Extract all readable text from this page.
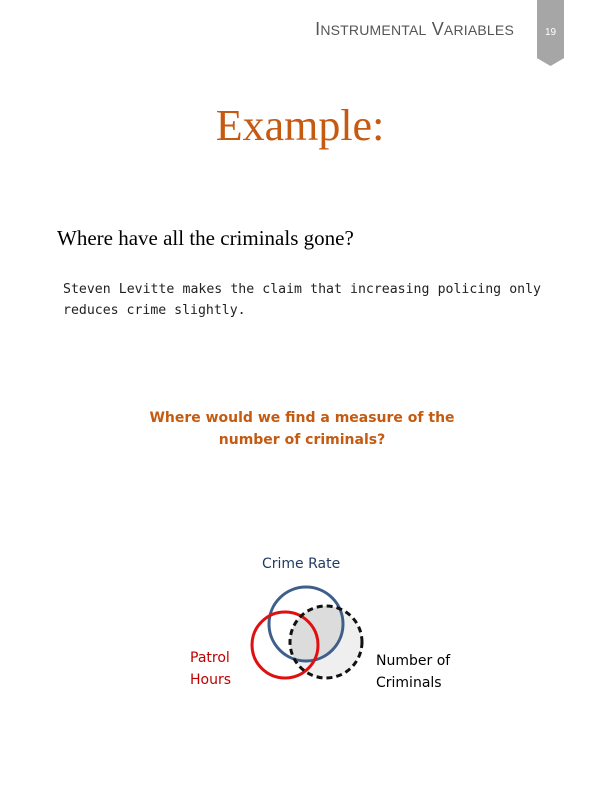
INSTRUMENTAL VARIABLES	19
Example:
Where have all the criminals gone?
Steven Levitte makes the claim that increasing policing only reduces crime slightly.
Where would we find a measure of the
number of criminals?
Crime Rate
Patrol
Hours
Number of
Criminals
